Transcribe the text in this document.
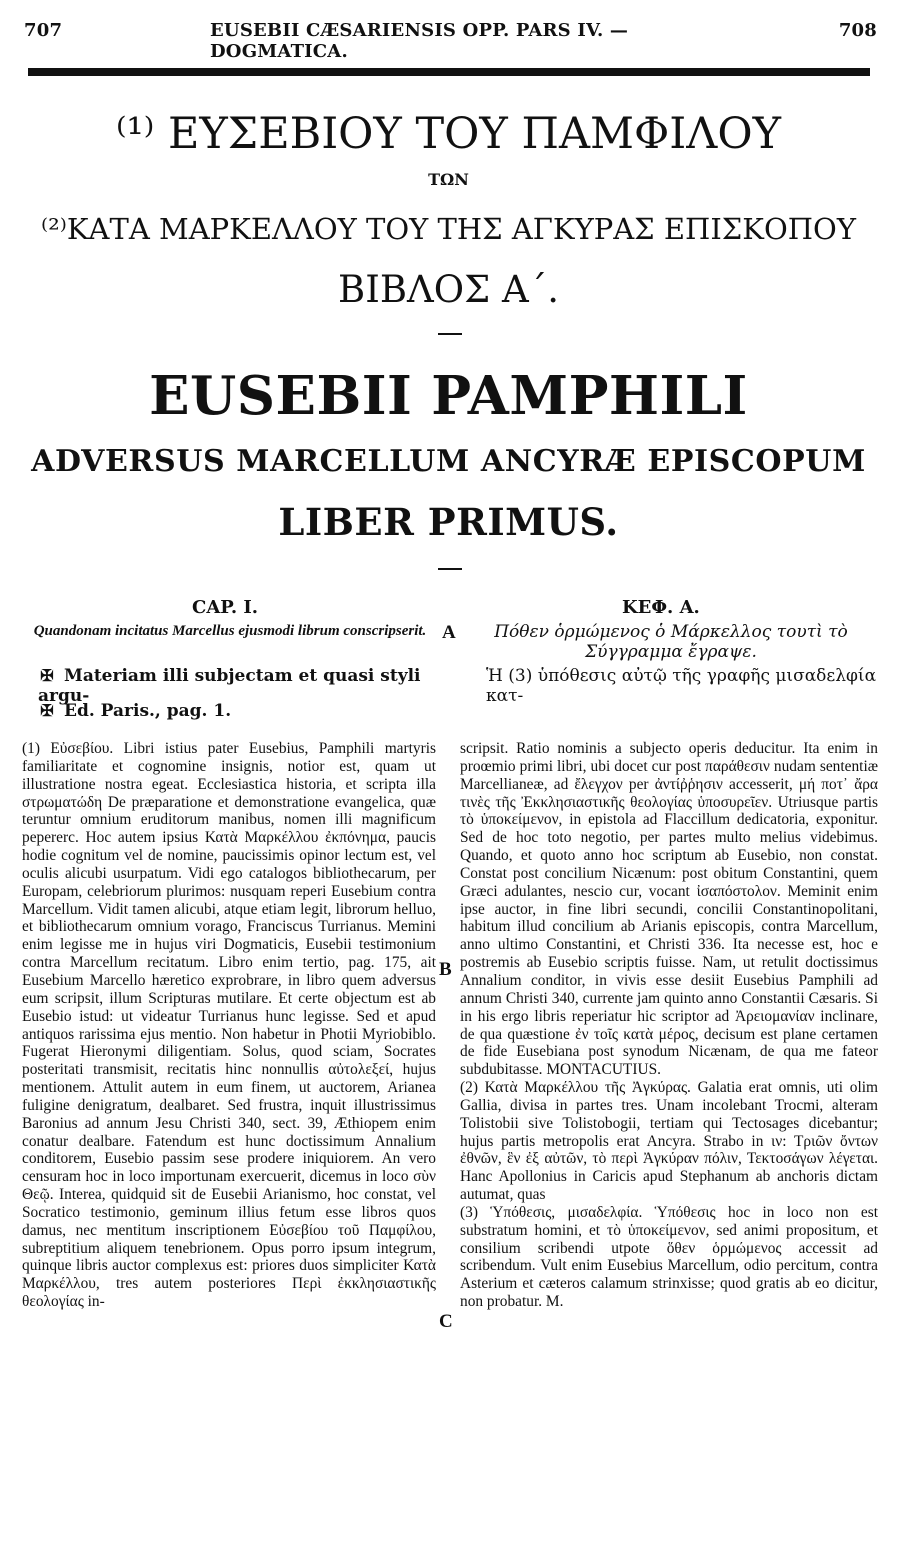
707	EUSEBII CÆSARIENSIS OPP. PARS IV. — DOGMATICA.
708
⁽¹⁾ ΕΥΣΕΒΙΟΥ ΤΟΥ ΠΑΜΦΙΛΟΥ
ΤΩΝ
⁽²⁾ΚΑΤΑ ΜΑΡΚΕΛΛΟΥ ΤΟΥ ΤΗΣ ΑΓΚΥΡΑΣ ΕΠΙΣΚΟΠΟΥ
ΒΙΒΛΟΣ Α΄.
EUSEBII PAMPHILI
ADVERSUS MARCELLUM ANCYRÆ EPISCOPUM
LIBER PRIMUS.
CAP. I.	ΚΕΦ. Α.
Quandonam incitatus Marcellus ejusmodi librum conscripserit. A	Πόθεν ὁρμώμενος ὁ Μάρκελλος τουτὶ τὸ Σύγγραμμα ἔγραψε.
✠ Materiam illi subjectam et quasi styli argu-
Ἡ (3) ὑπόθεσις αὐτῷ τῆς γραφῆς μισαδελφία κατ-
✠ Ed. Paris., pag. 1.

(1) Εὐσεβίου. Libri istius pater Eusebius, Pamphili martyris familiaritate et cognomine insignis, notior est, quam ut illustratione nostra egeat. Ecclesiastica historia, et scripta illa στρωματώδη De præparatione et demonstratione evangelica, quæ teruntur omnium eruditorum manibus, nomen illi magnificum pepererc. Hoc autem ipsius Κατὰ Μαρκέλλου ἐκπόνημα, paucis hodie cognitum vel de nomine, paucissimis opinor lectum est, vel oculis alicubi usurpatum. Vidi ego catalogos bibliothecarum, per Europam, celebriorum plurimos: nusquam reperi Eusebium contra Marcellum. Vidit tamen alicubi, atque etiam legit, librorum helluo, et bibliothecarum omnium vorago, Franciscus Turrianus. Memini enim legisse me in hujus viri Dogmaticis, Eusebii testimonium contra Marcellum recitatum. Libro enim tertio, pag. 175, ait Eusebium Marcello hæretico exprobrare, in libro quem adversus eum scripsit, illum Scripturas mutilare. Et certe objectum est ab Eusebio istud: ut videatur Turrianus hunc legisse. Sed et apud antiquos rarissima ejus mentio. Non habetur in Photii Myriobiblo. Fugerat Hieronymi diligentiam. Solus, quod sciam, Socrates posteritati transmisit, recitatis hinc nonnullis αὐτολεξεί, hujus mentionem. Attulit autem in eum finem, ut auctorem, Arianea fuligine denigratum, dealbaret. Sed frustra, inquit illustrissimus Baronius ad annum Jesu Christi 340, sect. 39, Æthiopem enim conatur dealbare. Fatendum est hunc doctissimum Annalium conditorem, Eusebio passim sese prodere iniquiorem. An vero censuram hoc in loco importunam exercuerit, dicemus in loco σὺν Θεῷ. Interea, quidquid sit de Eusebii Arianismo, hoc constat, vel Socratico testimonio, geminum illius fetum esse libros quos damus, nec mentitum inscriptionem Εὐσεβίου τοῦ Παμφίλου, subreptitium aliquem tenebrionem. Opus porro ipsum integrum, quinque libris auctor complexus est: priores duos simpliciter Κατὰ Μαρκέλλου, tres autem posteriores Περὶ ἐκκλησιαστικῆς θεολογίας in-

B
C

scripsit. Ratio nominis a subjecto operis deducitur. Ita enim in proœmio primi libri, ubi docet cur post παράθεσιν nudam sententiæ Marcellianeæ, ad ἔλεγχον per ἀντίῤῥησιν accesserit, μή ποτ᾽ ἄρα τινὲς τῆς Ἐκκλησιαστικῆς θεολογίας ὑποσυρεῖεν. Utriusque partis τὸ ὑποκείμενον, in epistola ad Flaccillum dedicatoria, exponitur. Sed de hoc toto negotio, per partes multo melius videbimus. Quando, et quoto anno hoc scriptum ab Eusebio, non constat. Constat post concilium Nicænum: post obitum Constantini, quem Græci adulantes, nescio cur, vocant ἰσαπόστολον. Meminit enim ipse auctor, in fine libri secundi, concilii Constantinopolitani, habitum illud concilium ab Arianis episcopis, contra Marcellum, anno ultimo Constantini, et Christi 336. Ita necesse est, hoc e postremis ab Eusebio scriptis fuisse. Nam, ut retulit doctissimus Annalium conditor, in vivis esse desiit Eusebius Pamphili ad annum Christi 340, currente jam quinto anno Constantii Cæsaris. Si in his ergo libris reperiatur hic scriptor ad Ἀρειομανίαν inclinare, de qua quæstione ἐν τοῖς κατὰ μέρος, decisum est plane certamen de fide Eusebiana post synodum Nicænam, de qua me fateor subdubitasse. MONTACUTIUS.

(2) Κατὰ Μαρκέλλου τῆς Ἀγκύρας. Galatia erat omnis, uti olim Gallia, divisa in partes tres. Unam incolebant Trocmi, alteram Tolistobii sive Tolistobogii, tertiam qui Tectosages dicebantur; hujus partis metropolis erat Ancyra. Strabo in ιν: Τριῶν ὄντων ἐθνῶν, ἓν ἐξ αὐτῶν, τὸ περὶ Ἀγκύραν πόλιν, Τεκτοσάγων λέγεται. Hanc Apollonius in Caricis apud Stephanum ab anchoris dictam autumat, quas

(3) Ὑπόθεσις, μισαδελφία. Ὑπόθεσις hoc in loco non est substratum homini, et τὸ ὑποκείμενον, sed animi propositum, et consilium scribendi utpote ὅθεν ὁρμώμενος accessit ad scribendum. Vult enim Eusebius Marcellum, odio percitum, contra Asterium et cæteros calamum strinxisse; quod gratis ab eo dicitur, non probatur. M.
